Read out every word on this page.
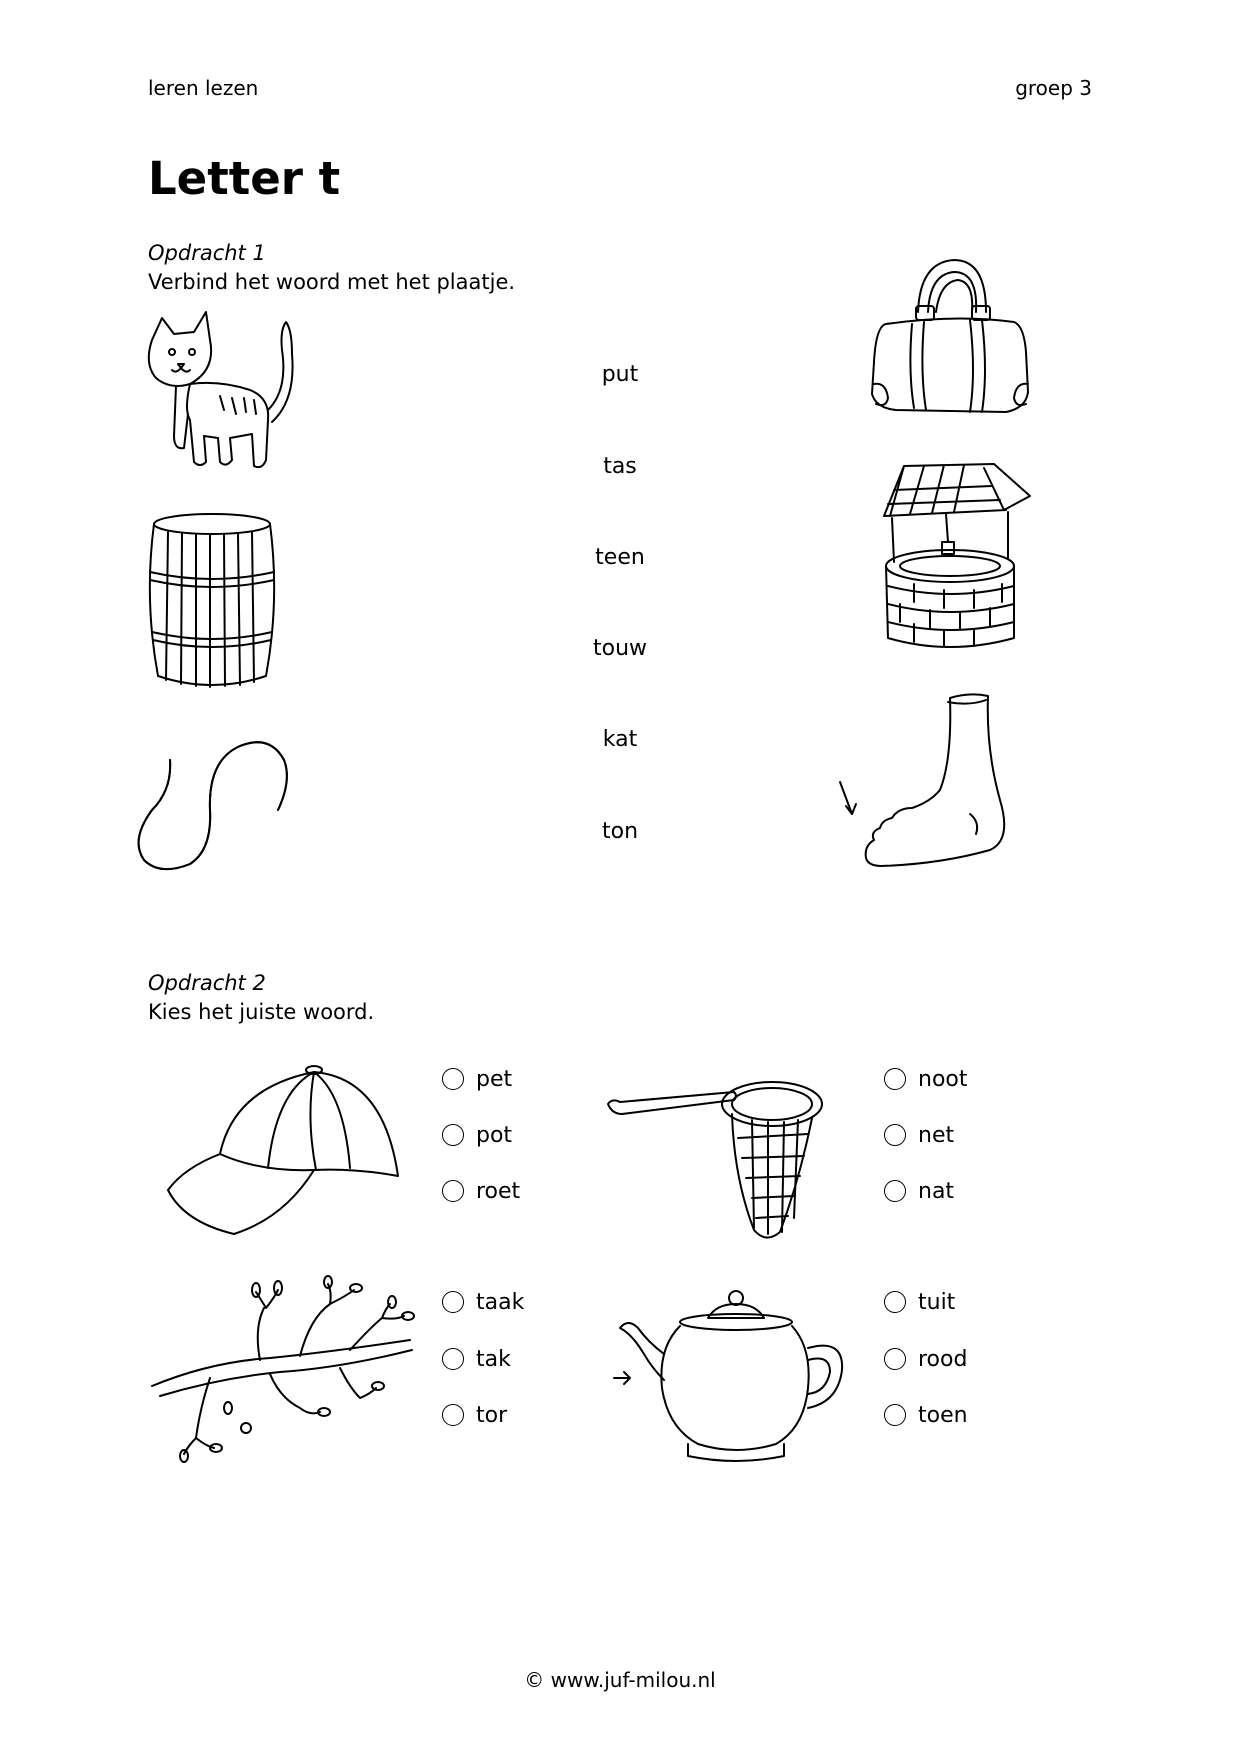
leren lezen	groep 3
Letter t
Opdracht 1
Verbind het woord met het plaatje.
put
tas
teen
touw
kat
ton
Opdracht 2
Kies het juiste woord.
pet
pot
roet
noot
net
nat
taak
tak
tor
tuit
rood
toen
© www.juf-milou.nl
